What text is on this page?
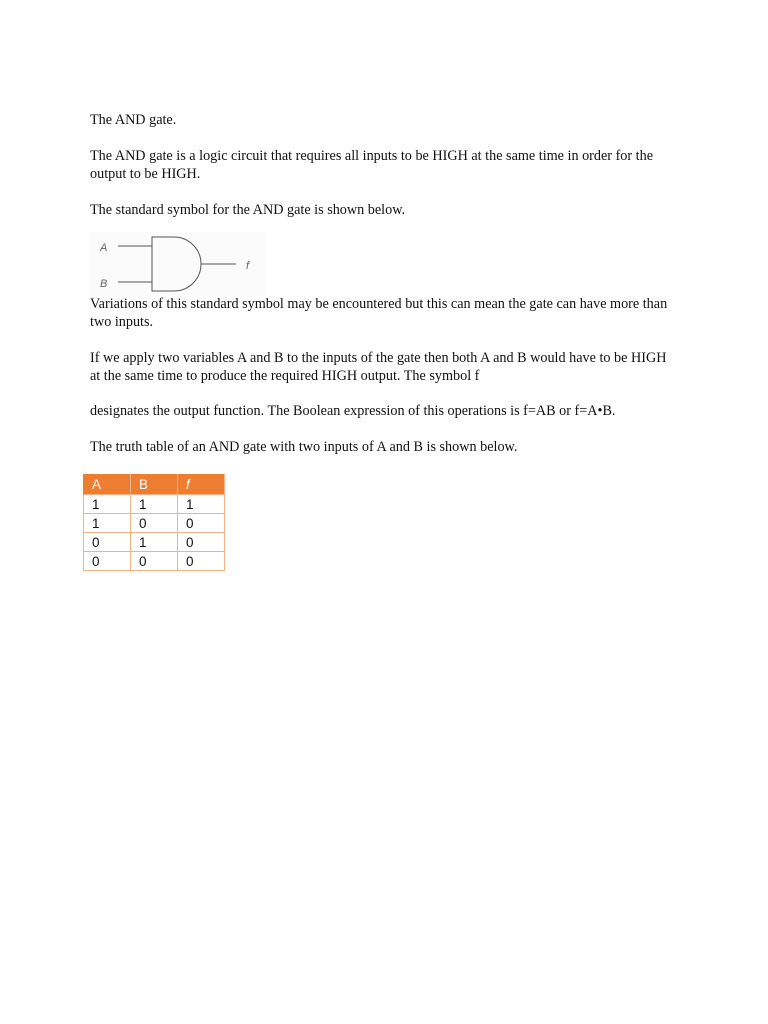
The AND gate.

The AND gate is a logic circuit that requires all inputs to be HIGH at the same time in order for the output to be HIGH.

The standard symbol for the AND gate is shown below.

A
B
f

Variations of this standard symbol may be encountered but this can mean the gate can have more than two inputs.

If we apply two variables A and B to the inputs of the gate then both A and B would have to be HIGH at the same time to produce the required HIGH output. The symbol f

designates the output function. The Boolean expression of this operations is f=AB or f=A•B.

The truth table of an AND gate with two inputs of A and B is shown below.

A	B	f
1	1	1
1	0	0
0	1	0
0	0	0
